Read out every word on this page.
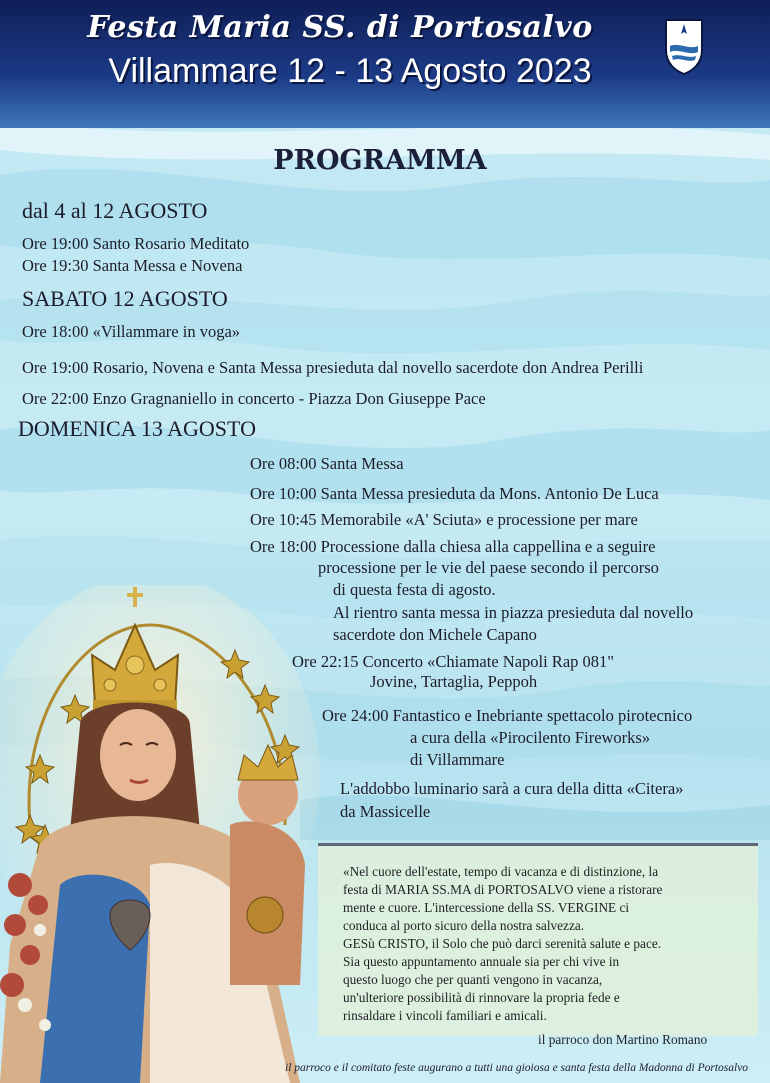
Festa Maria SS. di Portosalvo
Villammare 12 - 13 Agosto 2023
PROGRAMMA
dal 4 al 12 AGOSTO
Ore 19:00 Santo Rosario Meditato
Ore 19:30 Santa Messa e Novena
SABATO 12 AGOSTO
Ore 18:00 «Villammare in voga»
Ore 19:00 Rosario, Novena e Santa Messa presieduta dal novello sacerdote don Andrea Perilli
Ore 22:00 Enzo Gragnaniello in concerto - Piazza Don Giuseppe Pace
DOMENICA 13 AGOSTO
Ore 08:00 Santa Messa
Ore 10:00 Santa Messa presieduta da Mons. Antonio De Luca
Ore 10:45 Memorabile «A' Sciuta» e processione per mare
Ore 18:00 Processione dalla chiesa alla cappellina e a seguire
processione per le vie del paese secondo il percorso
di questa festa di agosto.
Al rientro santa messa in piazza presieduta dal novello
sacerdote don Michele Capano
Ore 22:15 Concerto «Chiamate Napoli Rap 081"
Jovine, Tartaglia, Peppoh
Ore 24:00 Fantastico e Inebriante spettacolo pirotecnico
a cura della «Pirocilento Fireworks»
di Villammare
L'addobbo luminario sarà a cura della ditta «Citera»
da Massicelle
«Nel cuore dell'estate, tempo di vacanza e di distinzione, la
festa di MARIA SS.MA di PORTOSALVO viene a ristorare
mente e cuore. L'intercessione della SS. VERGINE ci
conduca al porto sicuro della nostra salvezza.
GESù CRISTO, il Solo che può darci serenità salute e pace.
Sia questo appuntamento annuale sia per chi vive in
questo luogo che per quanti vengono in vacanza,
un'ulteriore possibilità di rinnovare la propria fede e
rinsaldare i vincoli familiari e amicali.
il parroco don Martino Romano
il parroco e il comitato feste augurano a tutti una gioiosa e santa festa della Madonna di Portosalvo
